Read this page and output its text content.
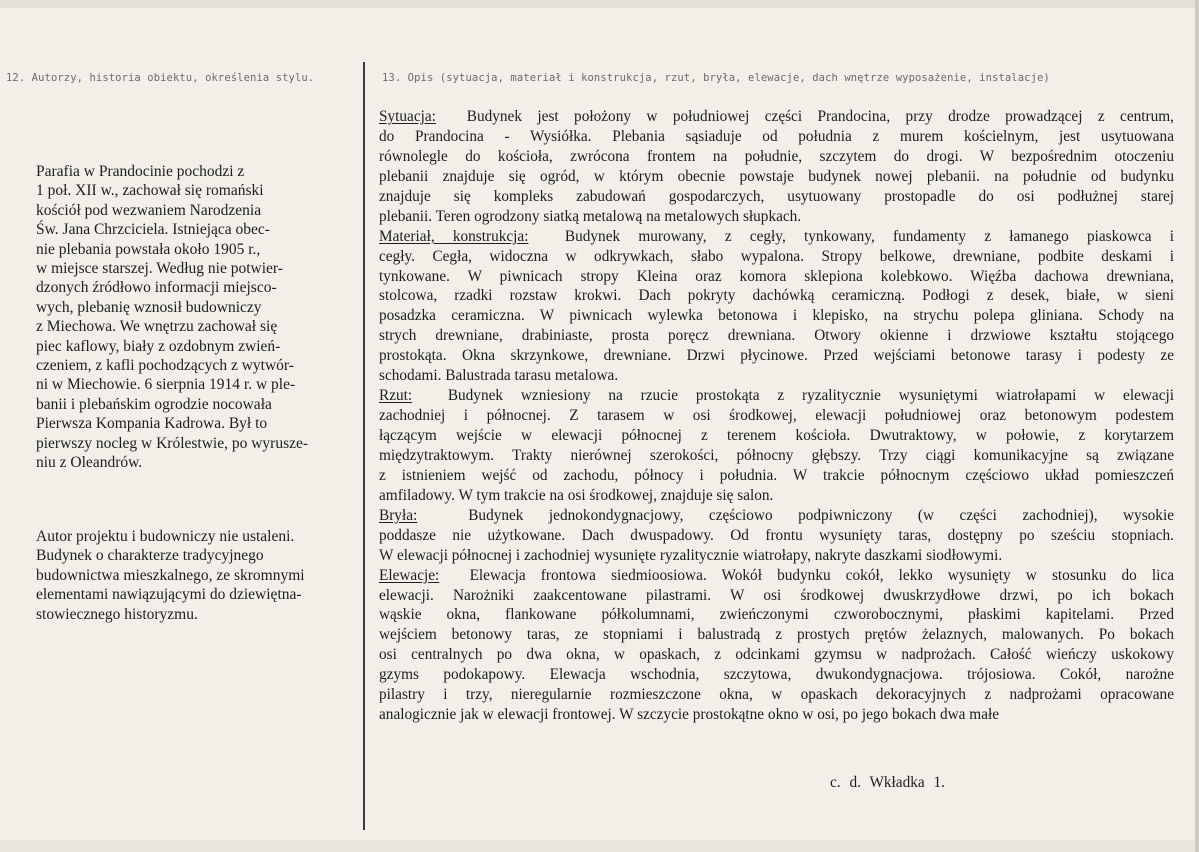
12. Autorzy, historia obiektu, określenia stylu.	13. Opis (sytuacja, materiał i konstrukcja, rzut, bryła, elewacje, dach wnętrze wyposażenie, instalacje)
Parafia w Prandocinie pochodzi z
1 poł. XII w., zachował się romański
kościół pod wezwaniem Narodzenia
Św. Jana Chrzciciela. Istniejąca obec-
nie plebania powstała około 1905 r.,
w miejsce starszej. Według nie potwier-
dzonych źródłowo informacji miejsco-
wych, plebanię wznosił budowniczy
z Miechowa. We wnętrzu zachował się
piec kaflowy, biały z ozdobnym zwień-
czeniem, z kafli pochodzących z wytwór-
ni w Miechowie. 6 sierpnia 1914 r. w ple-
banii i plebańskim ogrodzie nocowała
Pierwsza Kompania Kadrowa. Był to
pierwszy nocleg w Królestwie, po wyrusze-
niu z Oleandrów.
Autor projektu i budowniczy nie ustaleni.
Budynek o charakterze tradycyjnego
budownictwa mieszkalnego, ze skromnymi
elementami nawiązującymi do dziewiętna-
stowiecznego historyzmu.
Sytuacja: Budynek jest położony w południowej części Prandocina, przy drodze prowadzącej z centrum,
do Prandocina - Wysiółka. Plebania sąsiaduje od południa z murem kościelnym, jest usytuowana
równolegle do kościoła, zwrócona frontem na południe, szczytem do drogi. W bezpośrednim otoczeniu
plebanii znajduje się ogród, w którym obecnie powstaje budynek nowej plebanii. na południe od budynku
znajduje się kompleks zabudowań gospodarczych, usytuowany prostopadle do osi podłużnej starej
plebanii. Teren ogrodzony siatką metalową na metalowych słupkach.
Materiał, konstrukcja: Budynek murowany, z cegły, tynkowany, fundamenty z łamanego piaskowca i
cegły. Cegła, widoczna w odkrywkach, słabo wypalona. Stropy belkowe, drewniane, podbite deskami i
tynkowane. W piwnicach stropy Kleina oraz komora sklepiona kolebkowo. Więźba dachowa drewniana,
stolcowa, rzadki rozstaw krokwi. Dach pokryty dachówką ceramiczną. Podłogi z desek, białe, w sieni
posadzka ceramiczna. W piwnicach wylewka betonowa i klepisko, na strychu polepa gliniana. Schody na
strych drewniane, drabiniaste, prosta poręcz drewniana. Otwory okienne i drzwiowe kształtu stojącego
prostokąta. Okna skrzynkowe, drewniane. Drzwi płycinowe. Przed wejściami betonowe tarasy i podesty ze
schodami. Balustrada tarasu metalowa.
Rzut: Budynek wzniesiony na rzucie prostokąta z ryzalitycznie wysuniętymi wiatrołapami w elewacji
zachodniej i północnej. Z tarasem w osi środkowej, elewacji południowej oraz betonowym podestem
łączącym wejście w elewacji północnej z terenem kościoła. Dwutraktowy, w połowie, z korytarzem
międzytraktowym. Trakty nierównej szerokości, północny głębszy. Trzy ciągi komunikacyjne są związane
z istnieniem wejść od zachodu, północy i południa. W trakcie północnym częściowo układ pomieszczeń
amfiladowy. W tym trakcie na osi środkowej, znajduje się salon.
Bryła:	Budynek jednokondygnacjowy, częściowo podpiwniczony (w części zachodniej), wysokie
poddasze nie użytkowane. Dach dwuspadowy. Od frontu wysunięty taras, dostępny po sześciu stopniach.
W elewacji północnej i zachodniej wysunięte ryzalitycznie wiatrołapy, nakryte daszkami siodłowymi.
Elewacje: Elewacja frontowa siedmioosiowa. Wokół budynku cokół, lekko wysunięty w stosunku do lica
elewacji. Narożniki zaakcentowane pilastrami. W osi środkowej dwuskrzydłowe drzwi, po ich bokach
wąskie okna, flankowane półkolumnami, zwieńczonymi czworobocznymi, płaskimi kapitelami. Przed
wejściem betonowy taras, ze stopniami i balustradą z prostych prętów żelaznych, malowanych. Po bokach
osi centralnych po dwa okna, w opaskach, z odcinkami gzymsu w nadprożach. Całość wieńczy uskokowy
gzyms podokapowy. Elewacja wschodnia, szczytowa, dwukondygnacjowa. trójosiowa. Cokół, narożne
pilastry i trzy, nieregularnie rozmieszczone okna, w opaskach dekoracyjnych z nadprożami opracowane
analogicznie jak w elewacji frontowej. W szczycie prostokątne okno w osi, po jego bokach dwa małe
c. d. Wkładka 1.
